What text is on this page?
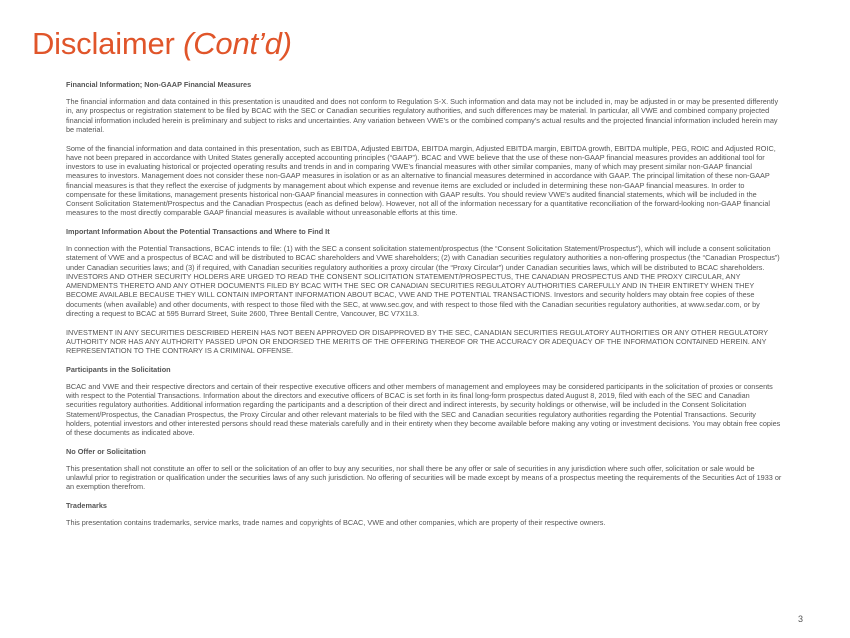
Disclaimer (Cont’d)
Financial Information; Non-GAAP Financial Measures

The financial information and data contained in this presentation is unaudited and does not conform to Regulation S-X. Such information and data may not be included in, may be adjusted in or may be presented differently in, any prospectus or registration statement to be filed by BCAC with the SEC or Canadian securities regulatory authorities, and such differences may be material. In particular, all VWE and combined company projected financial information included herein is preliminary and subject to risks and uncertainties. Any variation between VWE’s or the combined company’s actual results and the projected financial information included herein may be material.

Some of the financial information and data contained in this presentation, such as EBITDA, Adjusted EBITDA, EBITDA margin, Adjusted EBITDA margin, EBITDA growth, EBITDA multiple, PEG, ROIC and Adjusted ROIC, have not been prepared in accordance with United States generally accepted accounting principles (“GAAP”). BCAC and VWE believe that the use of these non-GAAP financial measures provides an additional tool for investors to use in evaluating historical or projected operating results and trends in and in comparing VWE’s financial measures with other similar companies, many of which may present similar non-GAAP financial measures to investors. Management does not consider these non-GAAP measures in isolation or as an alternative to financial measures determined in accordance with GAAP. The principal limitation of these non-GAAP financial measures is that they reflect the exercise of judgments by management about which expense and revenue items are excluded or included in determining these non-GAAP financial measures. In order to compensate for these limitations, management presents historical non-GAAP financial measures in connection with GAAP results. You should review VWE’s audited financial statements, which will be included in the Consent Solicitation Statement/Prospectus and the Canadian Prospectus (each as defined below). However, not all of the information necessary for a quantitative reconciliation of the forward-looking non-GAAP financial measures to the most directly comparable GAAP financial measures is available without unreasonable efforts at this time.

Important Information About the Potential Transactions and Where to Find It

In connection with the Potential Transactions, BCAC intends to file: (1) with the SEC a consent solicitation statement/prospectus (the “Consent Solicitation Statement/Prospectus”), which will include a consent solicitation statement of VWE and a prospectus of BCAC and will be distributed to BCAC shareholders and VWE shareholders; (2) with Canadian securities regulatory authorities a non-offering prospectus (the “Canadian Prospectus”) under Canadian securities laws; and (3) if required, with Canadian securities regulatory authorities a proxy circular (the “Proxy Circular”) under Canadian securities laws, which will be distributed to BCAC shareholders. INVESTORS AND OTHER SECURITY HOLDERS ARE URGED TO READ THE CONSENT SOLICITATION STATEMENT/PROSPECTUS, THE CANADIAN PROSPECTUS AND THE PROXY CIRCULAR, ANY AMENDMENTS THERETO AND ANY OTHER DOCUMENTS FILED BY BCAC WITH THE SEC OR CANADIAN SECURITIES REGULATORY AUTHORITIES CAREFULLY AND IN THEIR ENTIRETY WHEN THEY BECOME AVAILABLE BECAUSE THEY WILL CONTAIN IMPORTANT INFORMATION ABOUT BCAC, VWE AND THE POTENTIAL TRANSACTIONS. Investors and security holders may obtain free copies of these documents (when available) and other documents, with respect to those filed with the SEC, at www.sec.gov, and with respect to those filed with the Canadian securities regulatory authorities, at www.sedar.com, or by directing a request to BCAC at 595 Burrard Street, Suite 2600, Three Bentall Centre, Vancouver, BC V7X1L3.

INVESTMENT IN ANY SECURITIES DESCRIBED HEREIN HAS NOT BEEN APPROVED OR DISAPPROVED BY THE SEC, CANADIAN SECURITIES REGULATORY AUTHORITIES OR ANY OTHER REGULATORY AUTHORITY NOR HAS ANY AUTHORITY PASSED UPON OR ENDORSED THE MERITS OF THE OFFERING THEREOF OR THE ACCURACY OR ADEQUACY OF THE INFORMATION CONTAINED HEREIN. ANY REPRESENTATION TO THE CONTRARY IS A CRIMINAL OFFENSE.

Participants in the Solicitation

BCAC and VWE and their respective directors and certain of their respective executive officers and other members of management and employees may be considered participants in the solicitation of proxies or consents with respect to the Potential Transactions. Information about the directors and executive officers of BCAC is set forth in its final long-form prospectus dated August 8, 2019, filed with each of the SEC and Canadian securities regulatory authorities. Additional information regarding the participants and a description of their direct and indirect interests, by security holdings or otherwise, will be included in the Consent Solicitation Statement/Prospectus, the Canadian Prospectus, the Proxy Circular and other relevant materials to be filed with the SEC and Canadian securities regulatory authorities regarding the Potential Transactions. Security holders, potential investors and other interested persons should read these materials carefully and in their entirety when they become available before making any voting or investment decisions. You may obtain free copies of these documents as indicated above.

No Offer or Solicitation

This presentation shall not constitute an offer to sell or the solicitation of an offer to buy any securities, nor shall there be any offer or sale of securities in any jurisdiction where such offer, solicitation or sale would be unlawful prior to registration or qualification under the securities laws of any such jurisdiction. No offering of securities will be made except by means of a prospectus meeting the requirements of the Securities Act of 1933 or an exemption therefrom.

Trademarks

This presentation contains trademarks, service marks, trade names and copyrights of BCAC, VWE and other companies, which are property of their respective owners.

3
